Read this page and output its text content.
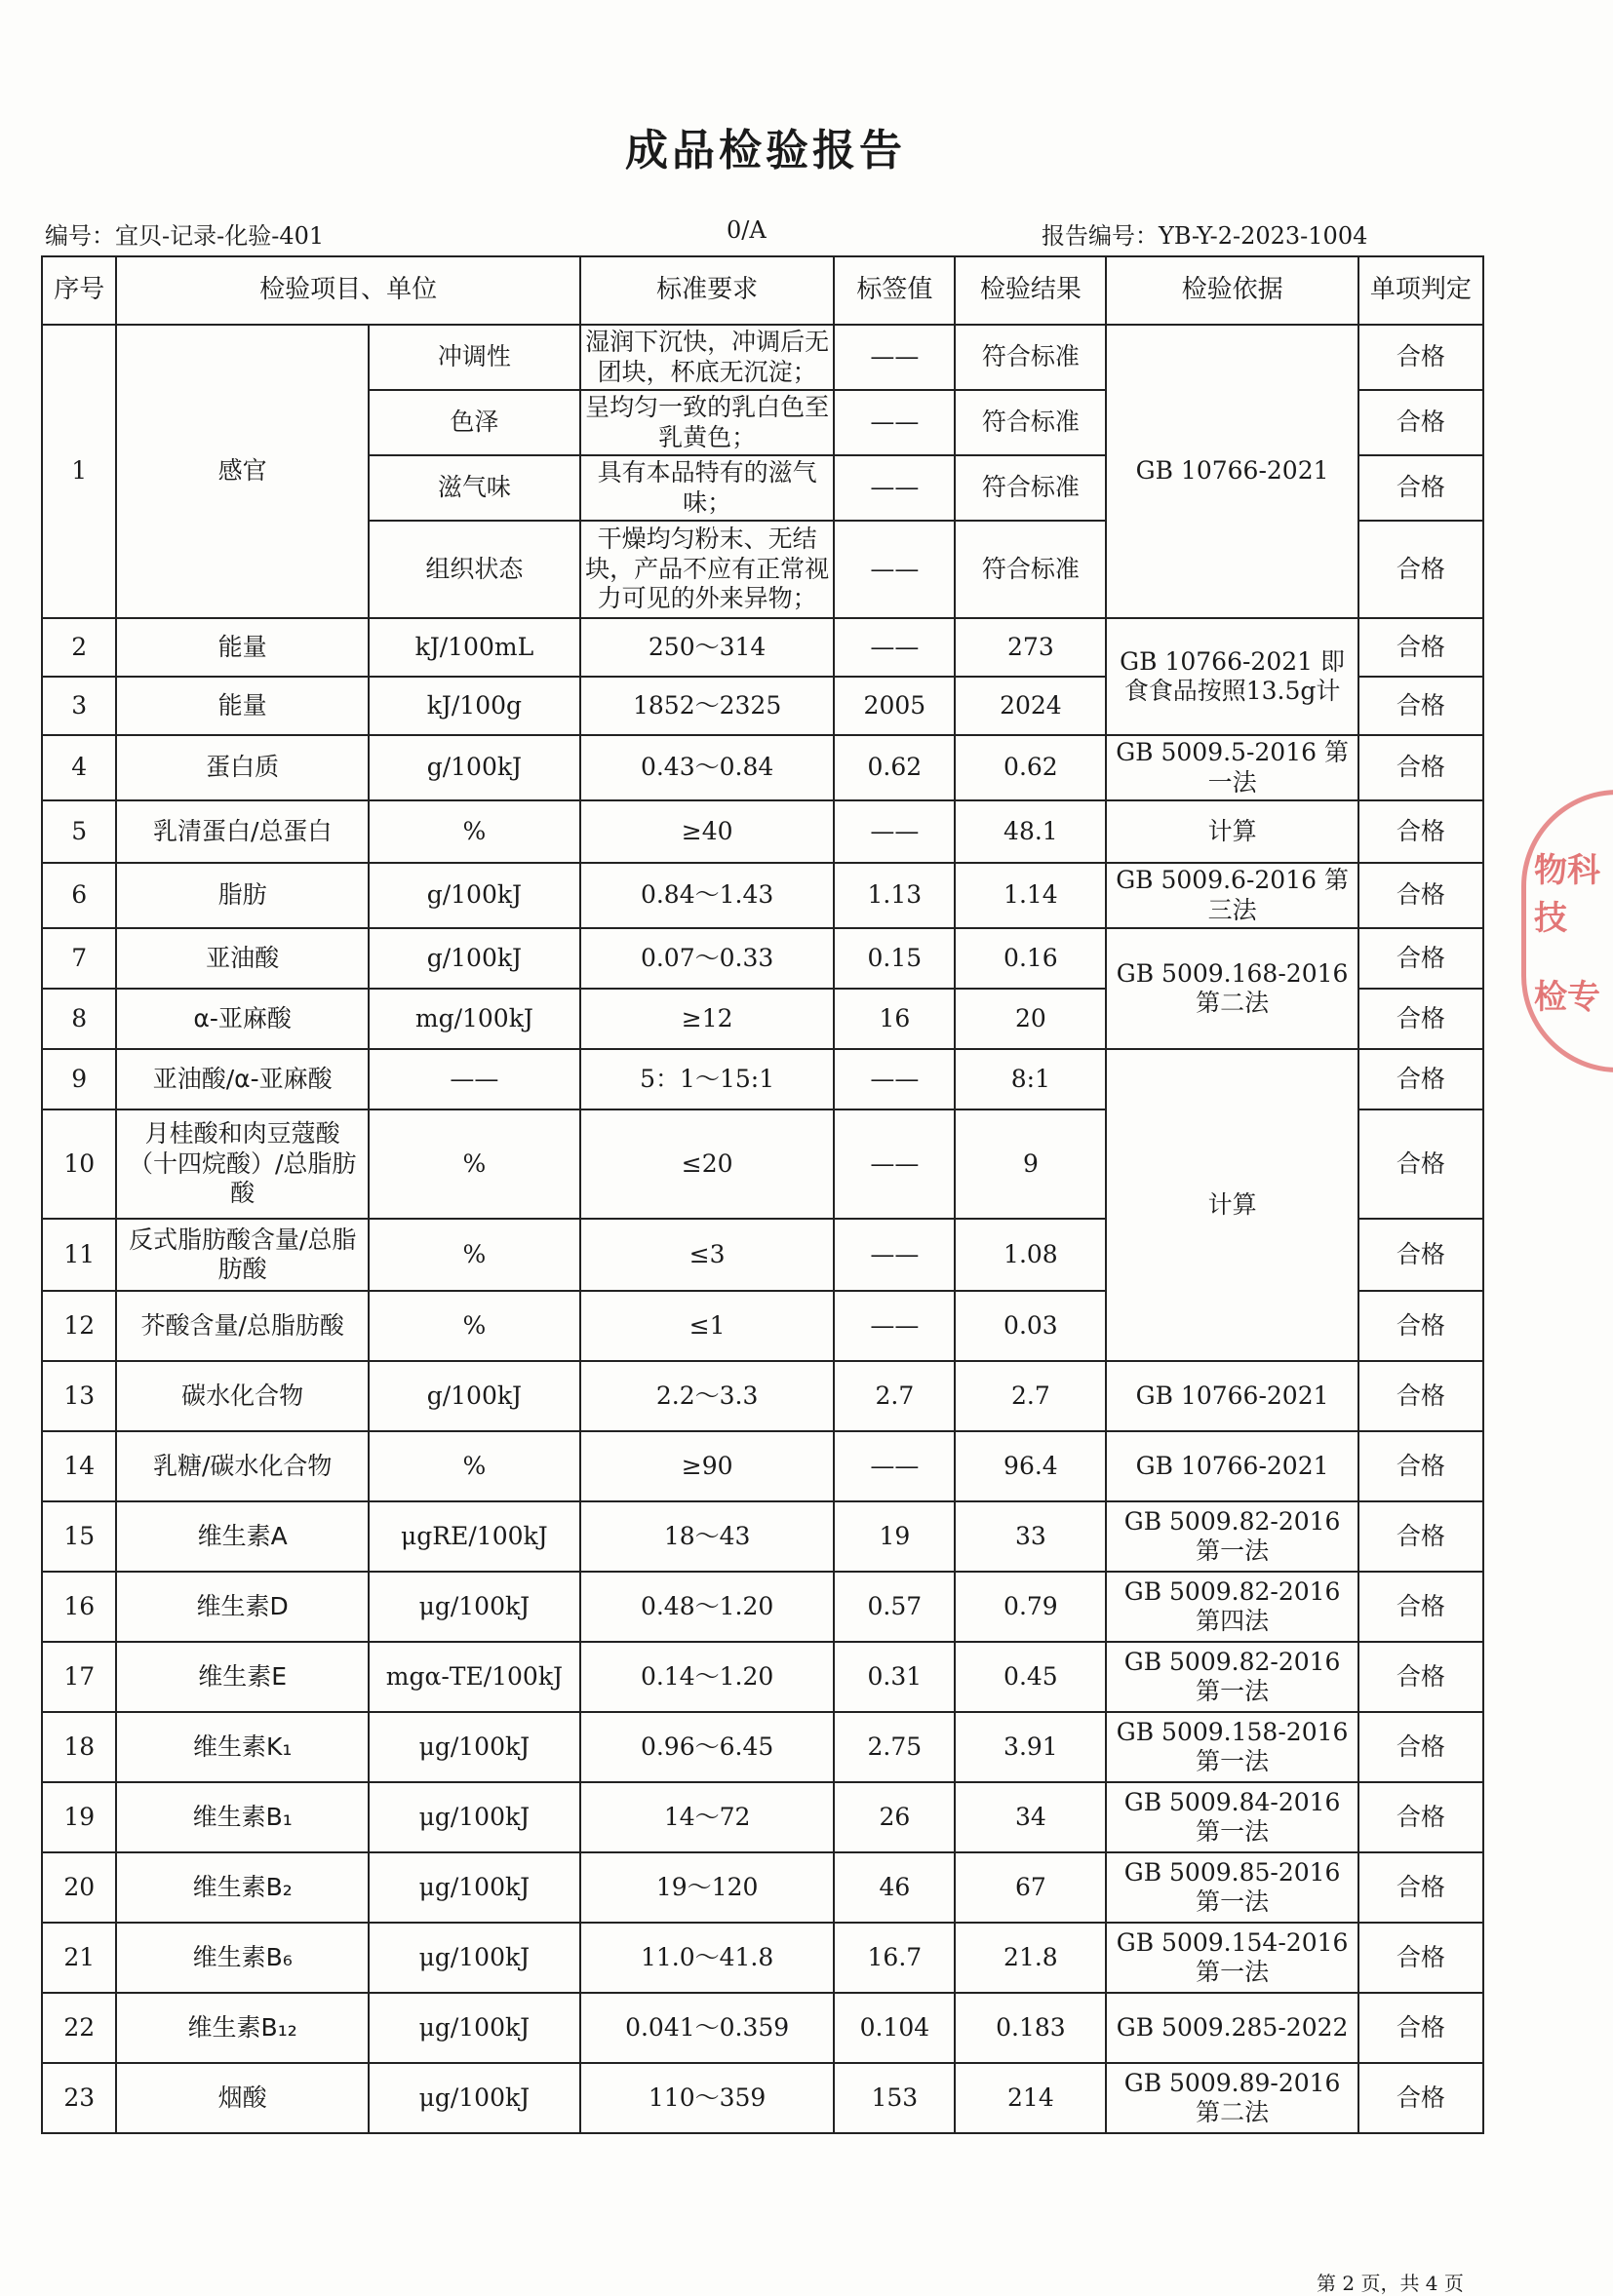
成品检验报告
编号：宜贝-记录-化验-401	0/A	报告编号：YB-Y-2-2023-1004
序号	检验项目、单位		标准要求	标签值	检验结果	检验依据	单项判定
1	感官	冲调性	湿润下沉快，冲调后无团块，杯底无沉淀；	——	符合标准	GB 10766-2021	合格
		色泽	呈均匀一致的乳白色至乳黄色；	——	符合标准		合格
		滋气味	具有本品特有的滋气味；	——	符合标准		合格
		组织状态	干燥均匀粉末、无结块，产品不应有正常视力可见的外来异物；	——	符合标准		合格
2	能量	kJ/100mL	250～314	——	273	GB 10766-2021 即食食品按照13.5g计	合格
3	能量	kJ/100g	1852～2325	2005	2024		合格
4	蛋白质	g/100kJ	0.43～0.84	0.62	0.62	GB 5009.5-2016 第一法	合格
5	乳清蛋白/总蛋白	%	≥40	——	48.1	计算	合格
6	脂肪	g/100kJ	0.84～1.43	1.13	1.14	GB 5009.6-2016 第三法	合格
7	亚油酸	g/100kJ	0.07～0.33	0.15	0.16	GB 5009.168-2016 第二法	合格
8	α-亚麻酸	mg/100kJ	≥12	16	20		合格
9	亚油酸/α-亚麻酸	——	5：1～15:1	——	8:1	计算	合格
10	月桂酸和肉豆蔻酸（十四烷酸）/总脂肪酸	%	≤20	——	9		合格
11	反式脂肪酸含量/总脂肪酸	%	≤3	——	1.08		合格
12	芥酸含量/总脂肪酸	%	≤1	——	0.03		合格
13	碳水化合物	g/100kJ	2.2～3.3	2.7	2.7	GB 10766-2021	合格
14	乳糖/碳水化合物	%	≥90	——	96.4	GB 10766-2021	合格
15	维生素A	μgRE/100kJ	18～43	19	33	GB 5009.82-2016 第一法	合格
16	维生素D	μg/100kJ	0.48～1.20	0.57	0.79	GB 5009.82-2016 第四法	合格
17	维生素E	mgα-TE/100kJ	0.14～1.20	0.31	0.45	GB 5009.82-2016 第一法	合格
18	维生素K₁	μg/100kJ	0.96～6.45	2.75	3.91	GB 5009.158-2016 第一法	合格
19	维生素B₁	μg/100kJ	14～72	26	34	GB 5009.84-2016 第一法	合格
20	维生素B₂	μg/100kJ	19～120	46	67	GB 5009.85-2016 第一法	合格
21	维生素B₆	μg/100kJ	11.0～41.8	16.7	21.8	GB 5009.154-2016 第一法	合格
22	维生素B₁₂	μg/100kJ	0.041～0.359	0.104	0.183	GB 5009.285-2022	合格
23	烟酸	μg/100kJ	110～359	153	214	GB 5009.89-2016 第二法	合格
物科技
检专
第 2 页，共 4 页
